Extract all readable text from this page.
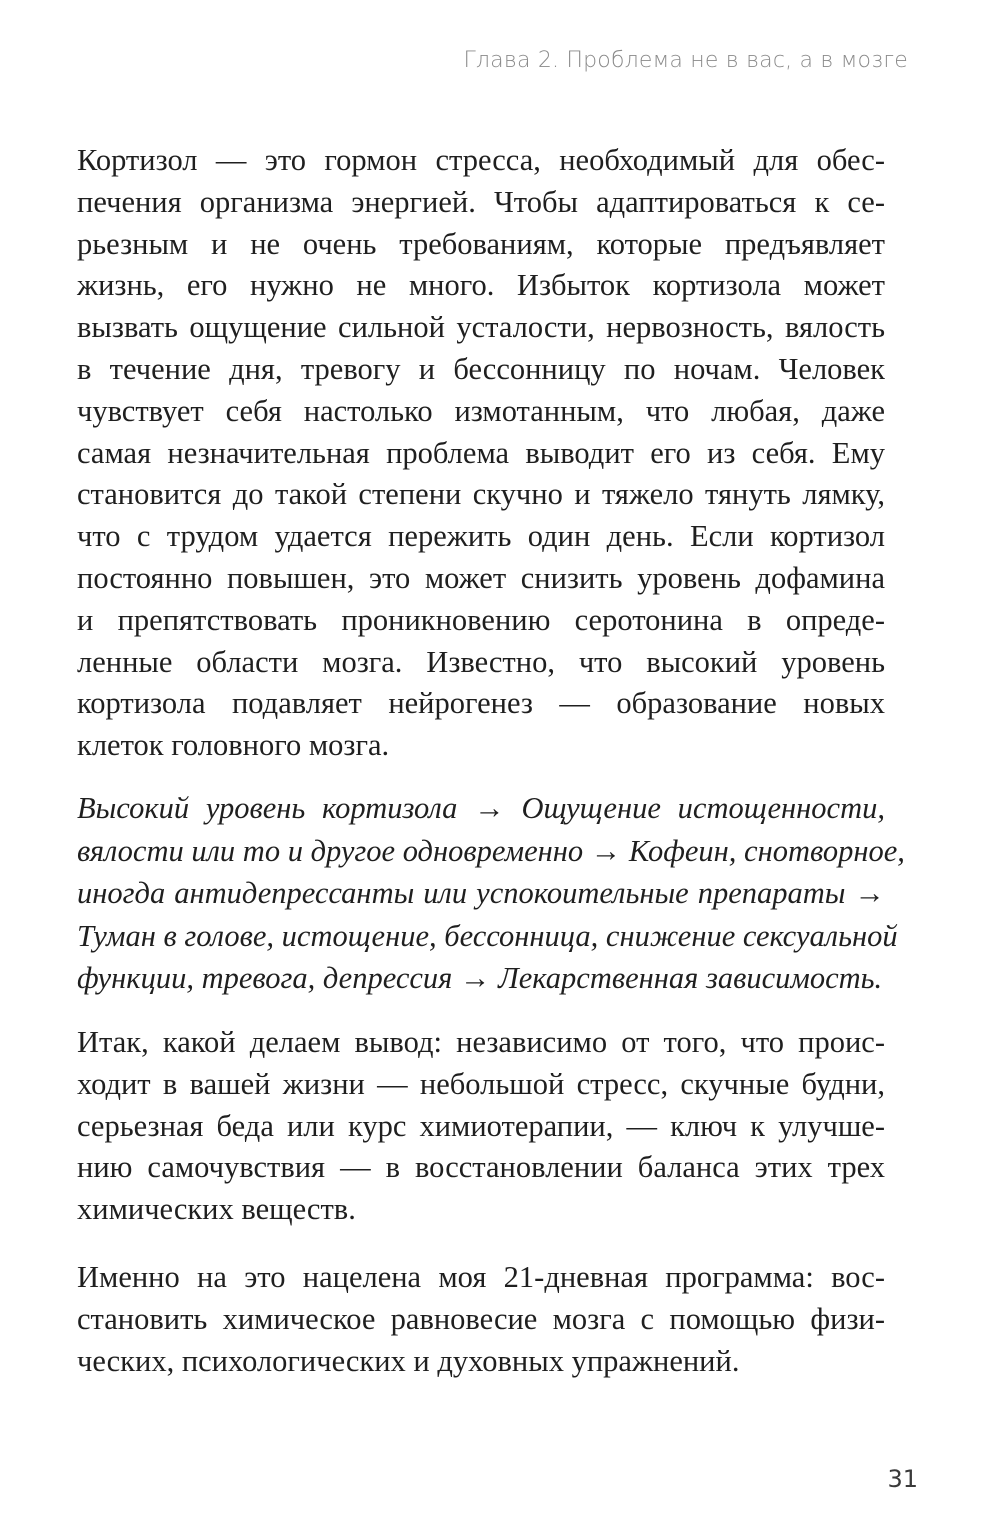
Глава 2. Проблема не в вас, а в мозге
Кортизол — это гормон стресса, необходимый для обес-
печения организма энергией. Чтобы адаптироваться к се-
рьезным и не очень требованиям, которые предъявляет
жизнь, его нужно не много. Избыток кортизола может
вызвать ощущение сильной усталости, нервозность, вялость
в течение дня, тревогу и бессонницу по ночам. Человек
чувствует себя настолько измотанным, что любая, даже
самая незначительная проблема выводит его из себя. Ему
становится до такой степени скучно и тяжело тянуть лямку,
что с трудом удается пережить один день. Если кортизол
постоянно повышен, это может снизить уровень дофамина
и препятствовать проникновению серотонина в опреде-
ленные области мозга. Известно, что высокий уровень
кортизола подавляет нейрогенез — образование новых
клеток головного мозга.
Высокий уровень кортизола → Ощущение истощенности,
вялости или то и другое одновременно → Кофеин, снотворное,
иногда антидепрессанты или успокоительные препараты →
Туман в голове, истощение, бессонница, снижение сексуальной
функции, тревога, депрессия → Лекарственная зависимость.
Итак, какой делаем вывод: независимо от того, что проис-
ходит в вашей жизни — небольшой стресс, скучные будни,
серьезная беда или курс химиотерапии, — ключ к улучше-
нию самочувствия — в восстановлении баланса этих трех
химических веществ.
Именно на это нацелена моя 21-дневная программа: вос-
становить химическое равновесие мозга с помощью физи-
ческих, психологических и духовных упражнений.
31
